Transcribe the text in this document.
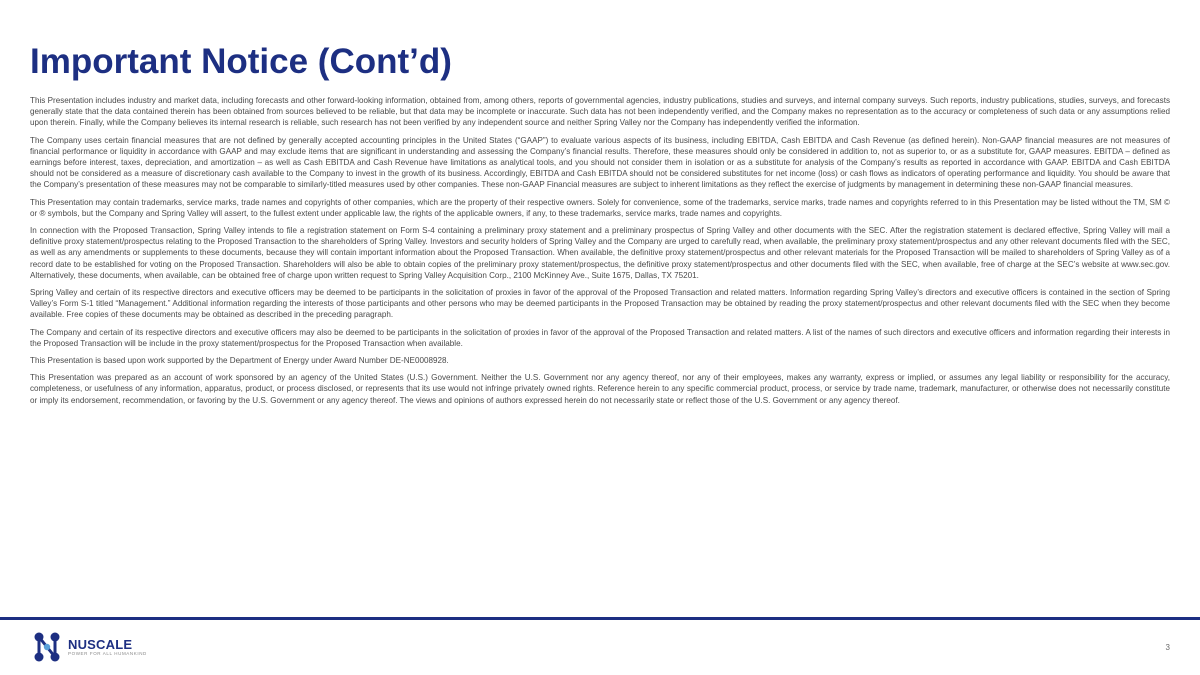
Important Notice (Cont’d)

This Presentation includes industry and market data, including forecasts and other forward-looking information, obtained from, among others, reports of governmental agencies, industry publications, studies and surveys, and internal company surveys. Such reports, industry publications, studies, surveys, and forecasts generally state that the data contained therein has been obtained from sources believed to be reliable, but that data may be incomplete or inaccurate. Such data has not been independently verified, and the Company makes no representation as to the accuracy or completeness of such data or any assumptions relied upon therein. Finally, while the Company believes its internal research is reliable, such research has not been verified by any independent source and neither Spring Valley nor the Company has independently verified the information.

The Company uses certain financial measures that are not defined by generally accepted accounting principles in the United States (“GAAP”) to evaluate various aspects of its business, including EBITDA, Cash EBITDA and Cash Revenue (as defined herein). Non-GAAP financial measures are not measures of financial performance or liquidity in accordance with GAAP and may exclude items that are significant in understanding and assessing the Company’s financial results. Therefore, these measures should only be considered in addition to, not as superior to, or as a substitute for, GAAP measures. EBITDA – defined as earnings before interest, taxes, depreciation, and amortization – as well as Cash EBITDA and Cash Revenue have limitations as analytical tools, and you should not consider them in isolation or as a substitute for analysis of the Company’s results as reported in accordance with GAAP. EBITDA and Cash EBITDA should not be considered as a measure of discretionary cash available to the Company to invest in the growth of its business. Accordingly, EBITDA and Cash EBITDA should not be considered substitutes for net income (loss) or cash flows as indicators of operating performance and liquidity. You should be aware that the Company’s presentation of these measures may not be comparable to similarly-titled measures used by other companies. These non-GAAP Financial measures are subject to inherent limitations as they reflect the exercise of judgments by management in determining these non-GAAP financial measures.

This Presentation may contain trademarks, service marks, trade names and copyrights of other companies, which are the property of their respective owners. Solely for convenience, some of the trademarks, service marks, trade names and copyrights referred to in this Presentation may be listed without the TM, SM © or ® symbols, but the Company and Spring Valley will assert, to the fullest extent under applicable law, the rights of the applicable owners, if any, to these trademarks, service marks, trade names and copyrights.

In connection with the Proposed Transaction, Spring Valley intends to file a registration statement on Form S-4 containing a preliminary proxy statement and a preliminary prospectus of Spring Valley and other documents with the SEC. After the registration statement is declared effective, Spring Valley will mail a definitive proxy statement/prospectus relating to the Proposed Transaction to the shareholders of Spring Valley. Investors and security holders of Spring Valley and the Company are urged to carefully read, when available, the preliminary proxy statement/prospectus and any other relevant documents filed with the SEC, as well as any amendments or supplements to these documents, because they will contain important information about the Proposed Transaction. When available, the definitive proxy statement/prospectus and other relevant materials for the Proposed Transaction will be mailed to shareholders of Spring Valley as of a record date to be established for voting on the Proposed Transaction. Shareholders will also be able to obtain copies of the preliminary proxy statement/prospectus, the definitive proxy statement/prospectus and other documents filed with the SEC, when available, free of charge at the SEC’s website at www.sec.gov. Alternatively, these documents, when available, can be obtained free of charge upon written request to Spring Valley Acquisition Corp., 2100 McKinney Ave., Suite 1675, Dallas, TX 75201.

Spring Valley and certain of its respective directors and executive officers may be deemed to be participants in the solicitation of proxies in favor of the approval of the Proposed Transaction and related matters. Information regarding Spring Valley’s directors and executive officers is contained in the section of Spring Valley’s Form S-1 titled “Management.” Additional information regarding the interests of those participants and other persons who may be deemed participants in the Proposed Transaction may be obtained by reading the proxy statement/prospectus and other relevant documents filed with the SEC when they become available. Free copies of these documents may be obtained as described in the preceding paragraph.

The Company and certain of its respective directors and executive officers may also be deemed to be participants in the solicitation of proxies in favor of the approval of the Proposed Transaction and related matters. A list of the names of such directors and executive officers and information regarding their interests in the Proposed Transaction will be include in the proxy statement/prospectus for the Proposed Transaction when available.

This Presentation is based upon work supported by the Department of Energy under Award Number DE-NE0008928.

This Presentation was prepared as an account of work sponsored by an agency of the United States (U.S.) Government. Neither the U.S. Government nor any agency thereof, nor any of their employees, makes any warranty, express or implied, or assumes any legal liability or responsibility for the accuracy, completeness, or usefulness of any information, apparatus, product, or process disclosed, or represents that its use would not infringe privately owned rights. Reference herein to any specific commercial product, process, or service by trade name, trademark, manufacturer, or otherwise does not necessarily constitute or imply its endorsement, recommendation, or favoring by the U.S. Government or any agency thereof. The views and opinions of authors expressed herein do not necessarily state or reflect those of the U.S. Government or any agency thereof.

NUSCALE
POWER FOR ALL HUMANKIND
3
